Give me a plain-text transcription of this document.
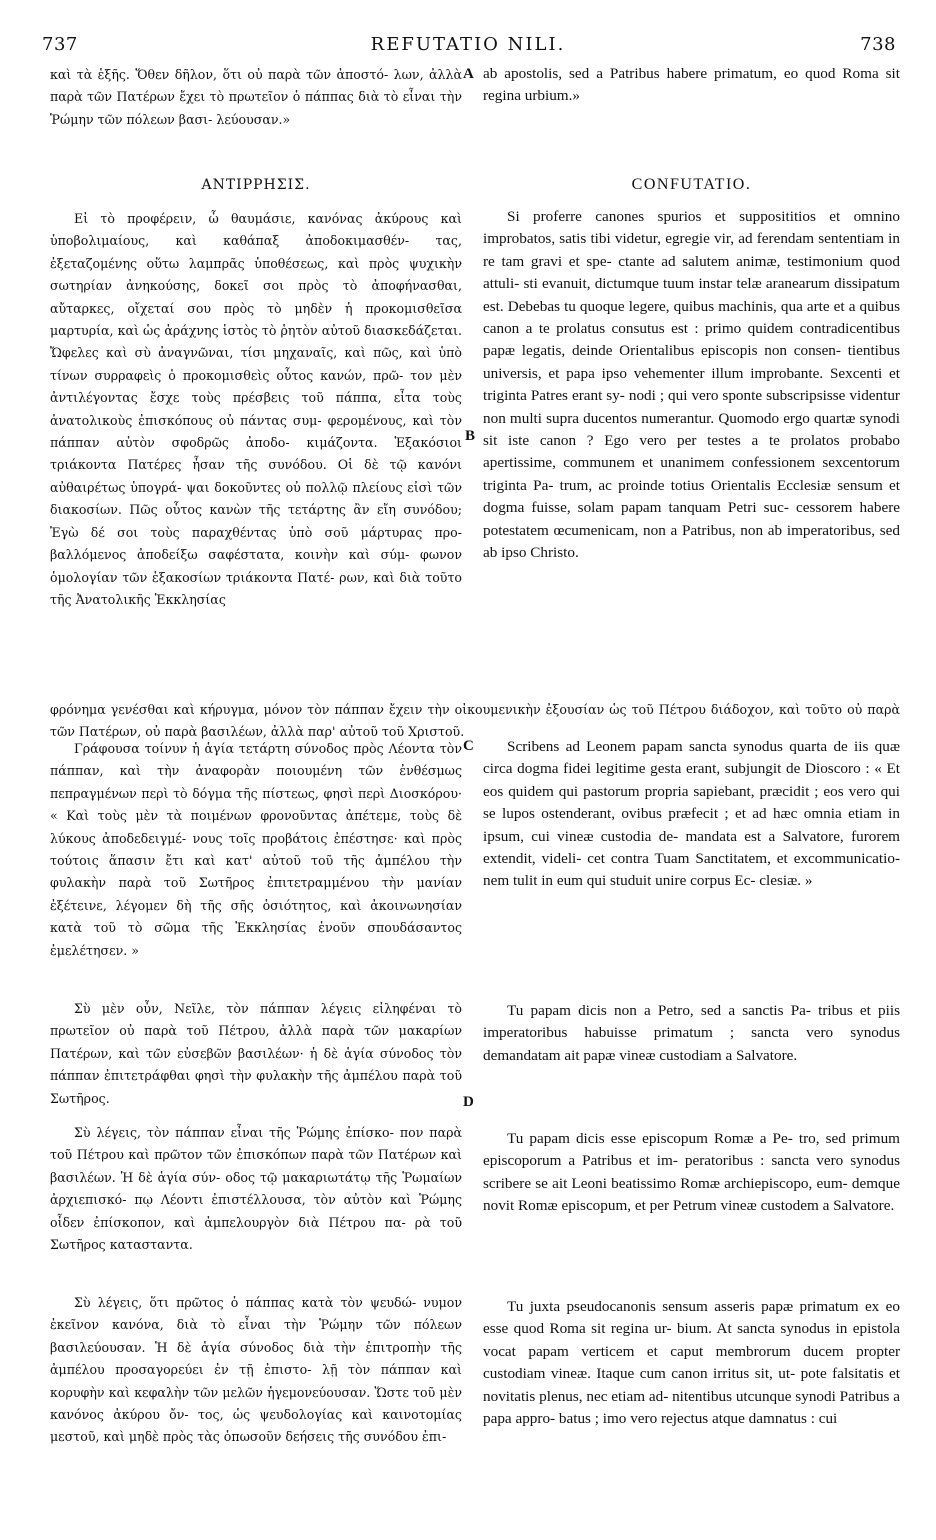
737	REFUTATIO NILI.	738

καὶ τὰ ἑξῆς. Ὅθεν δῆλον, ὅτι οὐ παρὰ τῶν ἀποστό- λων, ἀλλὰ παρὰ τῶν Πατέρων ἔχει τὸ πρωτεῖον ὁ πάππας διὰ τὸ εἶναι τὴν Ῥώμην τῶν πόλεων βασι- λεύουσαν.»

A ab apostolis, sed a Patribus habere primatum, eo quod Roma sit regina urbium.»

ΑΝΤΙΡΡΗΣΙΣ.	CONFUTATIO.

Εἰ τὸ προφέρειν, ὦ θαυμάσιε, κανόνας ἀκύρους καὶ ὑποβολιμαίους, καὶ καθάπαξ ἀποδοκιμασθέν- τας, ἐξεταζομένης οὕτω λαμπρᾶς ὑποθέσεως, καὶ πρὸς ψυχικὴν σωτηρίαν ἀνηκούσης, δοκεῖ σοι πρὸς τὸ ἀποφήνασθαι, αὔταρκες, οἴχεταί σου πρὸς τὸ μηδὲν ἡ προκομισθεῖσα μαρτυρία, καὶ ὡς ἀράχνης ἱστὸς τὸ ῥητὸν αὐτοῦ διασκεδάζεται. Ὤφελες καὶ σὺ ἀναγνῶναι, τίσι μηχαναῖς, καὶ πῶς, καὶ ὑπὸ τίνων συρραφεὶς ὁ προκομισθεὶς οὗτος κανών, πρῶ- τον μὲν ἀντιλέγοντας ἔσχε τοὺς πρέσβεις τοῦ πάππα, εἶτα τοὺς ἀνατολικοὺς ἐπισκόπους οὐ πάντας συμ- φερομένους, καὶ τὸν πάππαν αὐτὸν σφοδρῶς ἀποδο- κιμάζοντα. Ἑξακόσιοι τριάκοντα Πατέρες ἦσαν τῆς συνόδου. Οἱ δὲ τῷ κανόνι αὐθαιρέτως ὑπογρά- ψαι δοκοῦντες οὐ πολλῷ πλείους εἰσὶ τῶν διακοσίων. Πῶς οὗτος κανὼν τῆς τετάρτης ἂν εἴη συνόδου; Ἐγὼ δέ σοι τοὺς παραχθέντας ὑπὸ σοῦ μάρτυρας προ- βαλλόμενος ἀποδείξω σαφέστατα, κοινὴν καὶ σύμ- φωνον ὁμολογίαν τῶν ἑξακοσίων τριάκοντα Πατέ- ρων, καὶ διὰ τοῦτο τῆς Ἀνατολικῆς Ἐκκλησίας

B

Si proferre canones spurios et supposititios et omnino improbatos, satis tibi videtur, egregie vir, ad ferendam sententiam in re tam gravi et spe- ctante ad salutem animæ, testimonium quod attuli- sti evanuit, dictumque tuum instar telæ aranearum dissipatum est. Debebas tu quoque legere, quibus machinis, qua arte et a quibus canon a te prolatus consutus est : primo quidem contradicentibus papæ legatis, deinde Orientalibus episcopis non consen- tientibus universis, et papa ipso vehementer illum improbante. Sexcenti et triginta Patres erant sy- nodi ; qui vero sponte subscripsisse videntur non multi supra ducentos numerantur. Quomodo ergo quartæ synodi sit iste canon ? Ego vero per testes a te prolatos probabo apertissime, communem et unanimem confessionem sexcentorum triginta Pa- trum, ac proinde totius Orientalis Ecclesiæ sensum et dogma fuisse, solam papam tanquam Petri suc- cessorem habere potestatem œcumenicam, non a Patribus, non ab imperatoribus, sed ab ipso Christo.

φρόνημα γενέσθαι καὶ κήρυγμα, μόνον τὸν πάππαν ἔχειν τὴν οἰκουμενικὴν ἐξουσίαν ὡς τοῦ Πέτρου διάδοχον, καὶ τοῦτο οὐ παρὰ τῶν Πατέρων, οὐ παρὰ βασιλέων, ἀλλὰ παρ' αὐτοῦ τοῦ Χριστοῦ.

Γράφουσα τοίνυν ἡ ἁγία τετάρτη σύνοδος πρὸς Λέοντα τὸν πάππαν, καὶ τὴν ἀναφορὰν ποιουμένη τῶν ἐνθέσμως πεπραγμένων περὶ τὸ δόγμα τῆς πίστεως, φησὶ περὶ Διοσκόρου· « Καὶ τοὺς μὲν τὰ ποιμένων φρονοῦντας ἀπέτεμε, τοὺς δὲ λύκους ἀποδεδειγμέ- νους τοῖς προβάτοις ἐπέστησε· καὶ πρὸς τούτοις ἅπασιν ἔτι καὶ κατ' αὐτοῦ τοῦ τῆς ἀμπέλου τὴν φυλακὴν παρὰ τοῦ Σωτῆρος ἐπιτετραμμένου τὴν μανίαν ἐξέτεινε, λέγομεν δὴ τῆς σῆς ὁσιότητος, καὶ ἀκοινωνησίαν κατὰ τοῦ τὸ σῶμα τῆς Ἐκκλησίας ἑνοῦν σπουδάσαντος ἐμελέτησεν. »

C	Scribens ad Leonem papam sancta synodus quarta de iis quæ circa dogma fidei legitime gesta erant, subjungit de Dioscoro : « Et eos quidem qui pastorum propria sapiebant, præcidit ; eos vero qui se lupos ostenderant, ovibus præfecit ; et ad hæc omnia etiam in ipsum, cui vineæ custodia de- mandata est a Salvatore, furorem extendit, videli- cet contra Tuam Sanctitatem, et excommunicatio- nem tulit in eum qui studuit unire corpus Ec- clesiæ. »

Σὺ μὲν οὖν, Νεῖλε, τὸν πάππαν λέγεις εἰληφέναι τὸ πρωτεῖον οὐ παρὰ τοῦ Πέτρου, ἀλλὰ παρὰ τῶν μακαρίων Πατέρων, καὶ τῶν εὐσεβῶν βασιλέων· ἡ δὲ ἁγία σύνοδος τὸν πάππαν ἐπιτετράφθαι φησὶ τὴν φυλακὴν τῆς ἀμπέλου παρὰ τοῦ Σωτῆρος.	D

Tu papam dicis non a Petro, sed a sanctis Pa- tribus et piis imperatoribus habuisse primatum ; sancta vero synodus demandatam ait papæ vineæ custodiam a Salvatore.

Σὺ λέγεις, τὸν πάππαν εἶναι τῆς Ῥώμης ἐπίσκο- πον παρὰ τοῦ Πέτρου καὶ πρῶτον τῶν ἐπισκόπων παρὰ τῶν Πατέρων καὶ βασιλέων. Ἡ δὲ ἁγία σύν- οδος τῷ μακαριωτάτῳ τῆς Ῥωμαίων ἀρχιεπισκό- πῳ Λέοντι ἐπιστέλλουσα, τὸν αὐτὸν καὶ Ῥώμης οἶδεν ἐπίσκοπον, καὶ ἀμπελουργὸν διὰ Πέτρου πα- ρὰ τοῦ Σωτῆρος κατασταντα.

Tu papam dicis esse episcopum Romæ a Pe- tro, sed primum episcoporum a Patribus et im- peratoribus : sancta vero synodus scribere se ait Leoni beatissimo Romæ archiepiscopo, eum- demque novit Romæ episcopum, et per Petrum vineæ custodem a Salvatore.

Σὺ λέγεις, ὅτι πρῶτος ὁ πάππας κατὰ τὸν ψευδώ- νυμον ἐκεῖνον κανόνα, διὰ τὸ εἶναι τὴν Ῥώμην τῶν πόλεων βασιλεύουσαν. Ἡ δὲ ἁγία σύνοδος διὰ τὴν ἐπιτροπὴν τῆς ἀμπέλου προσαγορεύει ἐν τῇ ἐπιστο- λῇ τὸν πάππαν καὶ κορυφὴν καὶ κεφαλὴν τῶν μελῶν ἡγεμονεύουσαν. Ὥστε τοῦ μὲν κανόνος ἀκύρου ὄν- τος, ὡς ψευδολογίας καὶ καινοτομίας μεστοῦ, καὶ μηδὲ πρὸς τὰς ὁπωσοῦν δεήσεις τῆς συνόδου ἐπι-

Tu juxta pseudocanonis sensum asseris papæ primatum ex eo esse quod Roma sit regina ur- bium. At sancta synodus in epistola vocat papam verticem et caput membrorum ducem propter custodiam vineæ. Itaque cum canon irritus sit, ut- pote falsitatis et novitatis plenus, nec etiam ad- nitentibus utcunque synodi Patribus a papa appro- batus ; imo vero rejectus atque damnatus : cui
